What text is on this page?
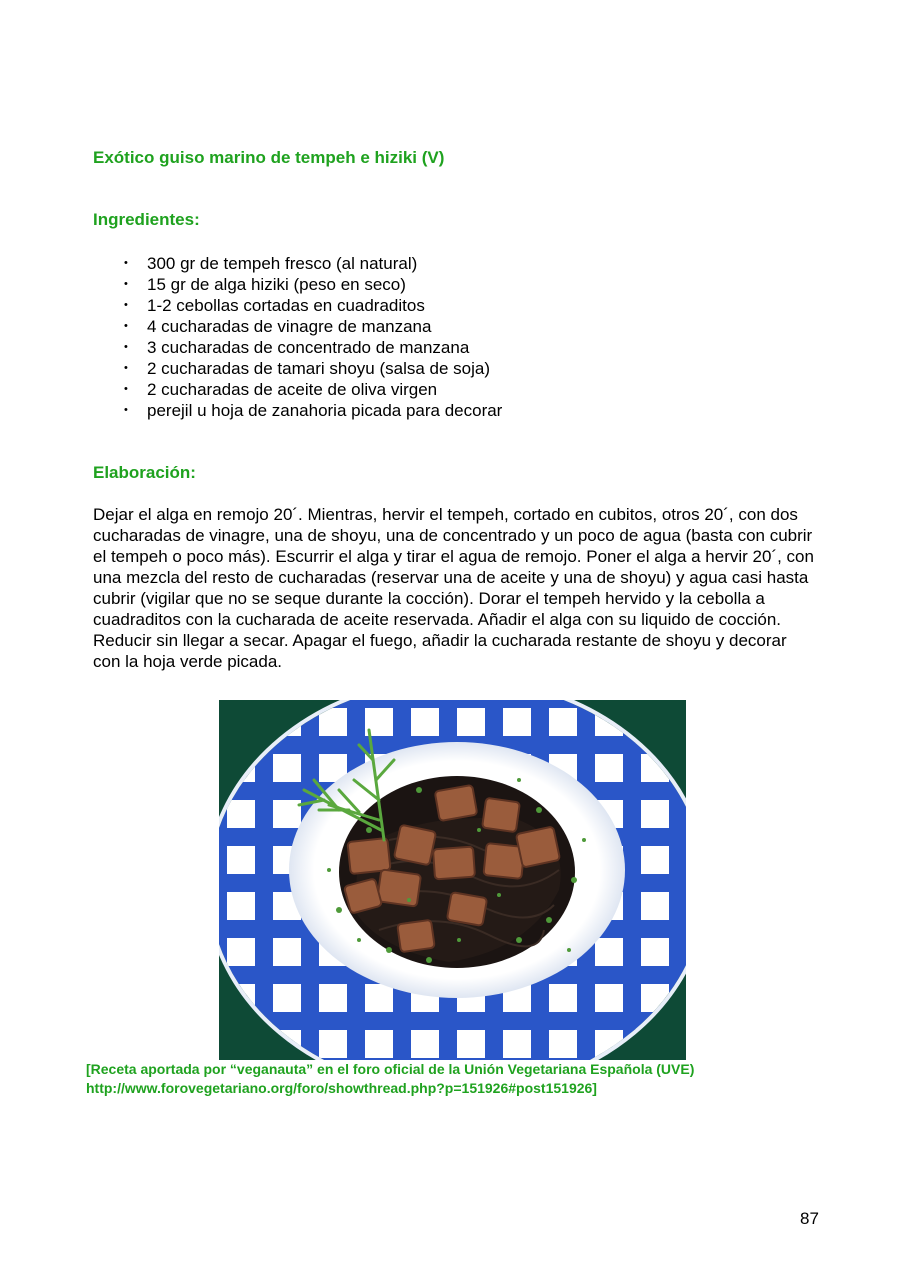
Exótico guiso marino de tempeh e hiziki (V)
Ingredientes:
• 300 gr de tempeh fresco (al natural)
• 15 gr de alga hiziki (peso en seco)
• 1-2 cebollas cortadas en cuadraditos
• 4 cucharadas de vinagre de manzana
• 3 cucharadas de concentrado de manzana
• 2 cucharadas de tamari shoyu (salsa de soja)
• 2 cucharadas de aceite de oliva virgen
• perejil u hoja de zanahoria picada para decorar
Elaboración:

Dejar el alga en remojo 20´. Mientras, hervir el tempeh, cortado en cubitos, otros 20´, con dos cucharadas de vinagre, una de shoyu, una de concentrado y un poco de agua (basta con cubrir el tempeh o poco más). Escurrir el alga y tirar el agua de remojo. Poner el alga a hervir 20´, con una mezcla del resto de cucharadas (reservar una de aceite y una de shoyu) y agua casi hasta cubrir (vigilar que no se seque durante la cocción). Dorar el tempeh hervido y la cebolla a cuadraditos con la cucharada de aceite reservada. Añadir el alga con su liquido de cocción. Reducir sin llegar a secar. Apagar el fuego, añadir la cucharada restante de shoyu y decorar con la hoja verde picada.

[Receta aportada por “veganauta” en el foro oficial de la Unión Vegetariana Española (UVE)
http://www.forovegetariano.org/foro/showthread.php?p=151926#post151926]
87
